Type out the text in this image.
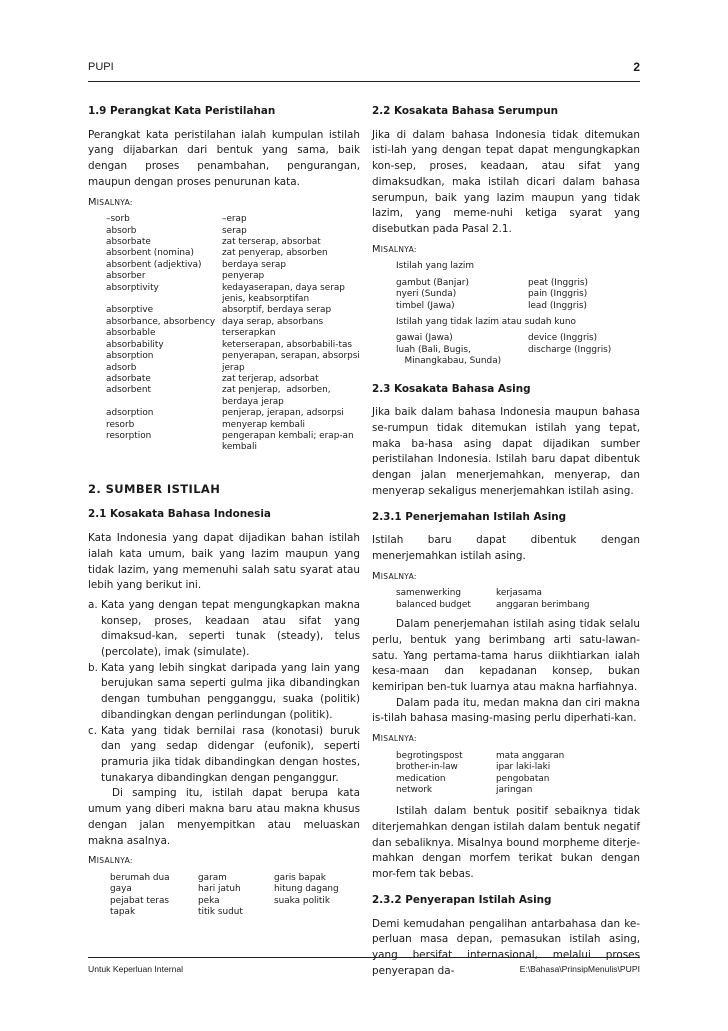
PUPI	2
1.9 Perangkat Kata Peristilahan

Perangkat kata peristilahan ialah kumpulan istilah yang dijabarkan dari bentuk yang sama, baik dengan proses penambahan, pengurangan, maupun dengan proses penurunan kata.

MISALNYA:
–sorb	–erap
absorb	serap
absorbate	zat terserap, absorbat
absorbent (nomina)	zat penyerap, absorben
absorbent (adjektiva)	berdaya serap
absorber	penyerap
absorptivity	kedayaserapan, daya serap jenis, keabsorptifan
absorptive	absorptif, berdaya serap
absorbance, absorbency	daya serap, absorbans
absorbable	terserapkan
absorbability	keterserapan, absorbabili-tas
absorption	penyerapan, serapan, absorpsi
adsorb	jerap
adsorbate	zat terjerap, adsorbat
adsorbent	zat penjerap,  adsorben, berdaya jerap
adsorption	penjerap, jerapan, adsorpsi
resorb	menyerap kembali
resorption	pengerapan kembali; erap-an kembali
2. SUMBER ISTILAH
2.1 Kosakata Bahasa Indonesia

Kata Indonesia yang dapat dijadikan bahan istilah ialah kata umum, baik yang lazim maupun yang tidak lazim, yang memenuhi salah satu syarat atau lebih yang berikut ini.

a. Kata yang dengan tepat mengungkapkan makna konsep, proses, keadaan atau sifat yang dimaksud-kan, seperti tunak (steady), telus (percolate), imak (simulate).
b. Kata yang lebih singkat daripada yang lain yang berujukan sama seperti gulma jika dibandingkan dengan tumbuhan pengganggu, suaka (politik) dibandingkan dengan perlindungan (politik).
c. Kata yang tidak bernilai rasa (konotasi) buruk dan yang sedap didengar (eufonik), seperti pramuria jika tidak dibandingkan dengan hostes, tunakarya dibandingkan dengan penganggur.

Di samping itu, istilah dapat berupa kata umum yang diberi makna baru atau makna khusus dengan jalan menyempitkan atau meluaskan makna asalnya.

MISALNYA:
berumah dua	garam	garis bapak
gaya	hari jatuh	hitung dagang
pejabat teras	peka	suaka politik
tapak	titik sudut	
2.2 Kosakata Bahasa Serumpun

Jika di dalam bahasa Indonesia tidak ditemukan isti-lah yang dengan tepat dapat mengungkapkan kon-sep, proses, keadaan, atau sifat yang dimaksudkan, maka istilah dicari dalam bahasa serumpun, baik yang lazim maupun yang tidak lazim, yang meme-nuhi ketiga syarat yang disebutkan pada Pasal 2.1.

MISALNYA:
Istilah yang lazim
gambut (Banjar)	peat (Inggris)
nyeri (Sunda)	pain (Inggris)
timbel (Jawa)	lead (Inggris)
Istilah yang tidak lazim atau sudah kuno
gawai (Jawa)	device (Inggris)
luah (Bali, Bugis,	discharge (Inggris)
Minangkabau, Sunda)	
2.3 Kosakata Bahasa Asing

Jika baik dalam bahasa Indonesia maupun bahasa se-rumpun tidak ditemukan istilah yang tepat, maka ba-hasa asing dapat dijadikan sumber peristilahan Indonesia. Istilah baru dapat dibentuk dengan jalan menerjemahkan, menyerap, dan menyerap sekaligus menerjemahkan istilah asing.

2.3.1 Penerjemahan Istilah Asing

Istilah baru dapat dibentuk dengan menerjemahkan istilah asing.

MISALNYA:
samenwerking	kerjasama
balanced budget	anggaran berimbang

Dalam penerjemahan istilah asing tidak selalu perlu, bentuk yang berimbang arti satu-lawan-satu. Yang pertama-tama harus diikhtiarkan ialah kesa-maan dan kepadanan konsep, bukan kemiripan ben-tuk luarnya atau makna harfiahnya.

Dalam pada itu, medan makna dan ciri makna is-tilah bahasa masing-masing perlu diperhati-kan.

MISALNYA:
begrotingspost	mata anggaran
brother-in-law	ipar laki-laki
medication	pengobatan
network	jaringan

Istilah dalam bentuk positif sebaiknya tidak diterjemahkan dengan istilah dalam bentuk negatif dan sebaliknya. Misalnya bound morpheme diterje-mahkan dengan morfem terikat bukan dengan mor-fem tak bebas.

2.3.2 Penyerapan Istilah Asing

Demi kemudahan pengalihan antarbahasa dan ke-perluan masa depan, pemasukan istilah asing, yang bersifat internasional, melalui proses penyerapan da-

Untuk Keperluan Internal	E:\Bahasa\PrinsipMenulis\PUPI
